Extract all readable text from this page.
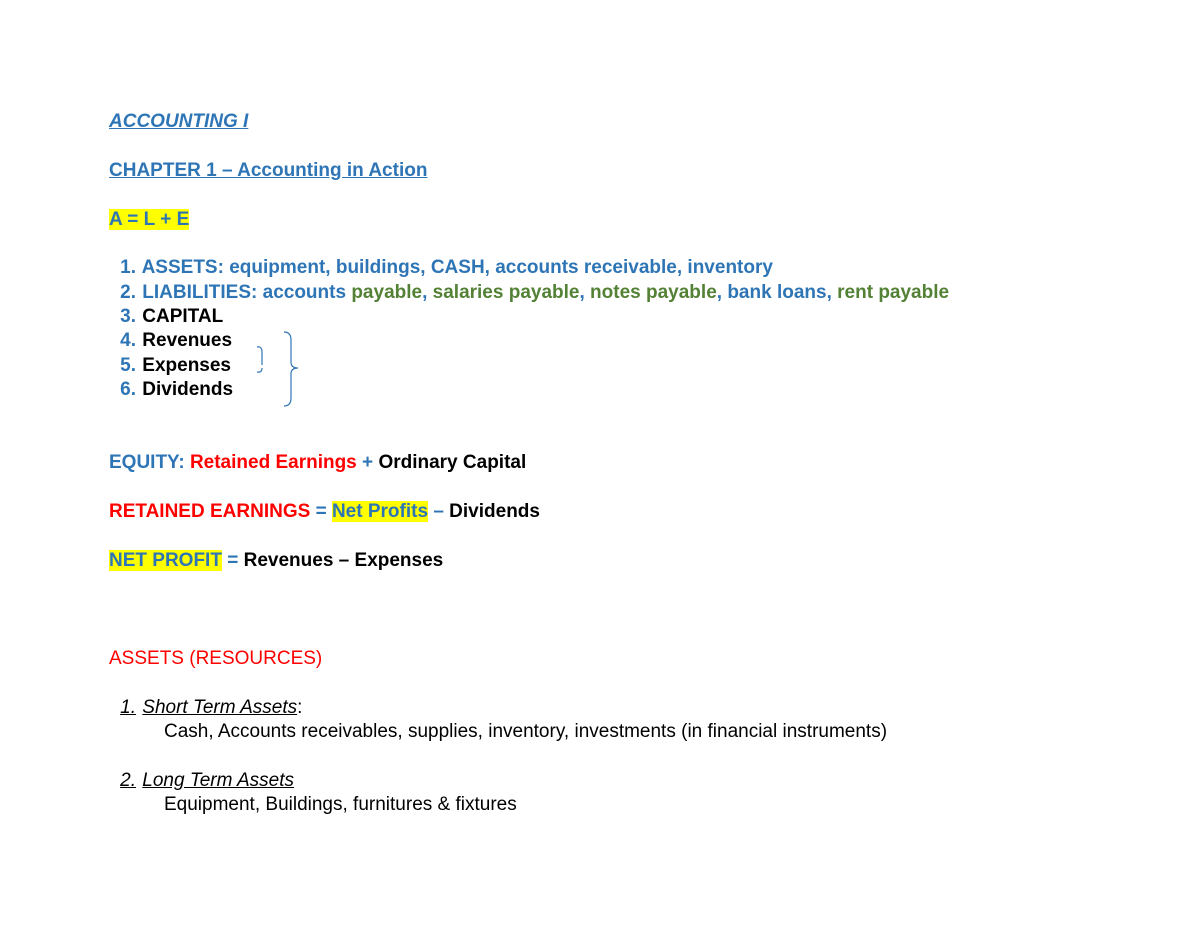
ACCOUNTING I
CHAPTER 1 – Accounting in Action
A = L + E
1. ASSETS: equipment, buildings, CASH, accounts receivable, inventory
2. LIABILITIES: accounts payable, salaries payable, notes payable, bank loans, rent payable
3. CAPITAL
4. Revenues
5. Expenses
6. Dividends
EQUITY: Retained Earnings + Ordinary Capital
RETAINED EARNINGS = Net Profits – Dividends
NET PROFIT = Revenues – Expenses
ASSETS (RESOURCES)
1. Short Term Assets:
Cash, Accounts receivables, supplies, inventory, investments (in financial instruments)
2. Long Term Assets
Equipment, Buildings, furnitures & fixtures
